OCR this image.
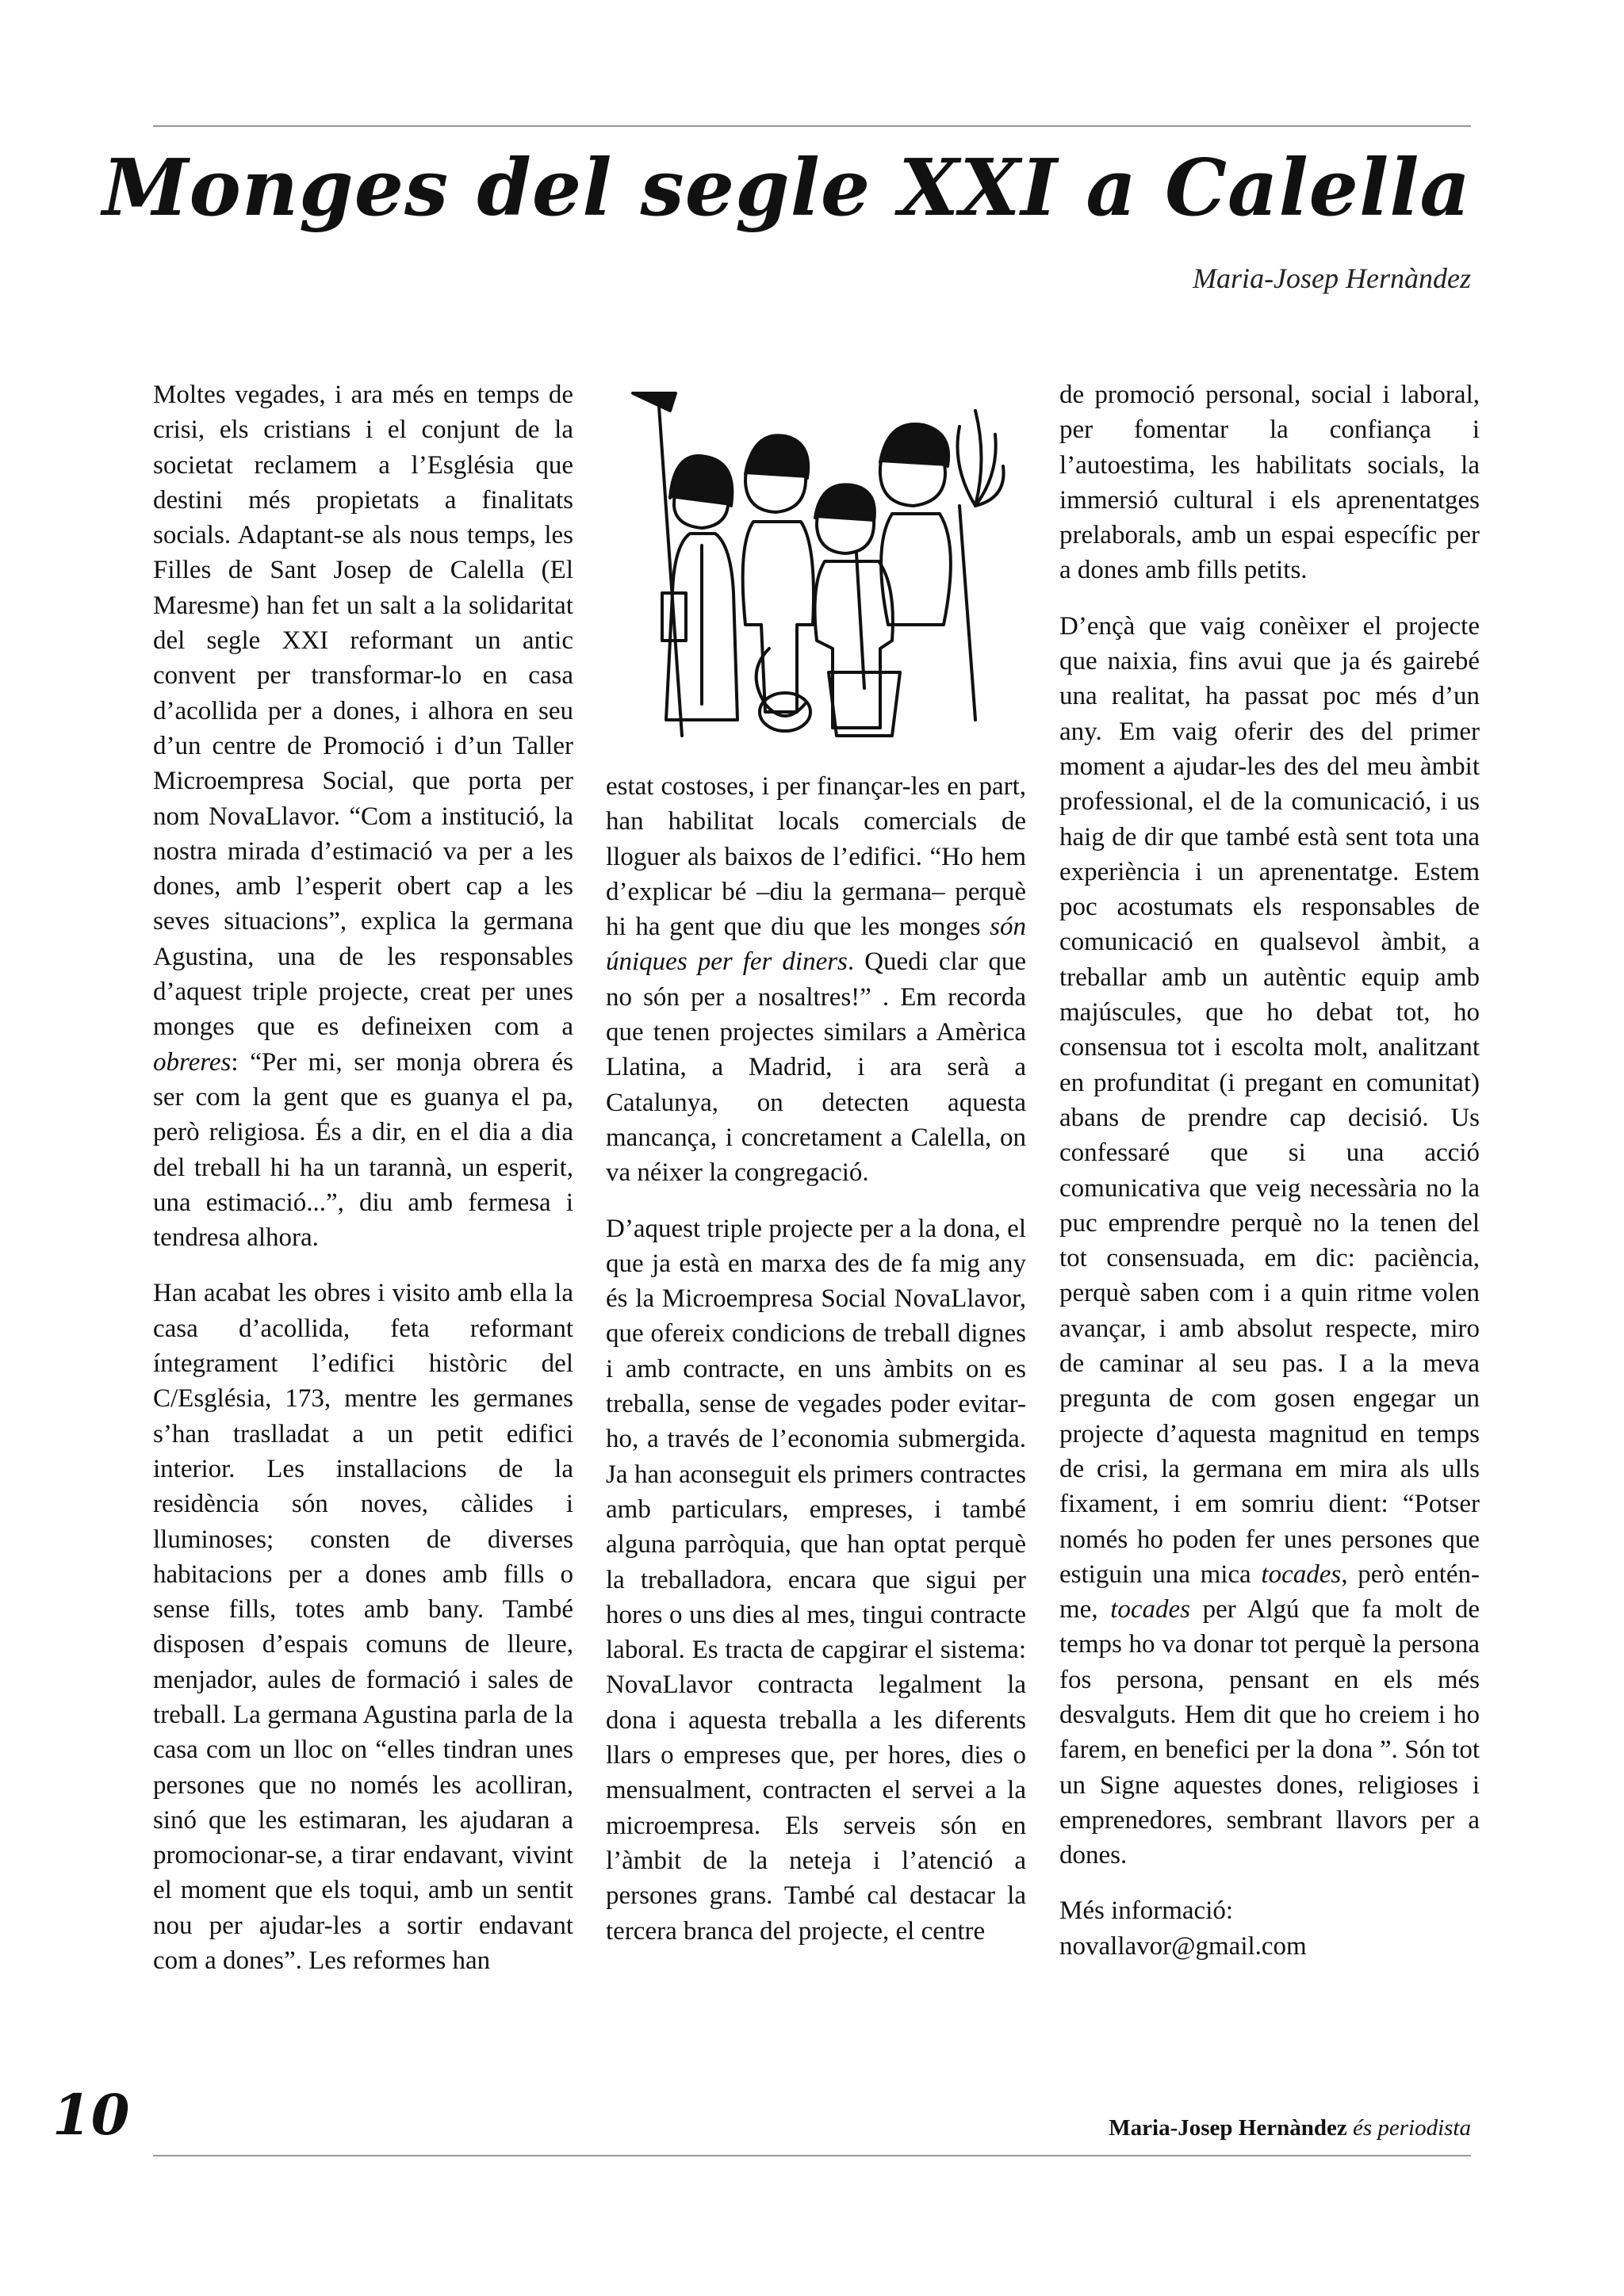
Monges del segle XXI a Calella
Maria-Josep Hernàndez

Moltes vegades, i ara més en temps de crisi, els cristians i el conjunt de la societat reclamem a l’Església que destini més propietats a finalitats socials. Adaptant-se als nous temps, les Filles de Sant Josep de Calella (El Maresme) han fet un salt a la solidaritat del segle XXI reformant un antic convent per transformar-lo en casa d’acollida per a dones, i alhora en seu d’un centre de Promoció i d’un Taller Microempresa Social, que porta per nom NovaLlavor. “Com a institució, la nostra mirada d’estimació va per a les dones, amb l’esperit obert cap a les seves situacions”, explica la germana Agustina, una de les responsables d’aquest triple projecte, creat per unes monges que es defineixen com a obreres: “Per mi, ser monja obrera és ser com la gent que es guanya el pa, però religiosa. És a dir, en el dia a dia del treball hi ha un tarannà, un esperit, una estimació...”, diu amb fermesa i tendresa alhora.

Han acabat les obres i visito amb ella la casa d’acollida, feta reformant íntegrament l’edifici històric del C/Església, 173, mentre les germanes s’han traslladat a un petit edifici interior. Les installacions de la residència són noves, càlides i lluminoses; consten de diverses habitacions per a dones amb fills o sense fills, totes amb bany. També disposen d’espais comuns de lleure, menjador, aules de formació i sales de treball. La germana Agustina parla de la casa com un lloc on “elles tindran unes persones que no només les acolliran, sinó que les estimaran, les ajudaran a promocionar-se, a tirar endavant, vivint el moment que els toqui, amb un sentit nou per ajudar-les a sortir endavant com a dones”. Les reformes han

estat costoses, i per finançar-les en part, han habilitat locals comercials de lloguer als baixos de l’edifici. “Ho hem d’explicar bé –diu la germana– perquè hi ha gent que diu que les monges són úniques per fer diners. Quedi clar que no són per a nosaltres!” . Em recorda que tenen projectes similars a Amèrica Llatina, a Madrid, i ara serà a Catalunya, on detecten aquesta mancança, i concretament a Calella, on va néixer la congregació.

D’aquest triple projecte per a la dona, el que ja està en marxa des de fa mig any és la Microempresa Social NovaLlavor, que ofereix condicions de treball dignes i amb contracte, en uns àmbits on es treballa, sense de vegades poder evitar-ho, a través de l’economia submergida. Ja han aconseguit els primers contractes amb particulars, empreses, i també alguna parròquia, que han optat perquè la treballadora, encara que sigui per hores o uns dies al mes, tingui contracte laboral. Es tracta de capgirar el sistema: NovaLlavor contracta legalment la dona i aquesta treballa a les diferents llars o empreses que, per hores, dies o mensualment, contracten el servei a la microempresa. Els serveis són en l’àmbit de la neteja i l’atenció a persones grans. També cal destacar la tercera branca del projecte, el centre

de promoció personal, social i laboral, per fomentar la confiança i l’autoestima, les habilitats socials, la immersió cultural i els aprenentatges prelaborals, amb un espai específic per a dones amb fills petits.

D’ençà que vaig conèixer el projecte que naixia, fins avui que ja és gairebé una realitat, ha passat poc més d’un any. Em vaig oferir des del primer moment a ajudar-les des del meu àmbit professional, el de la comunicació, i us haig de dir que també està sent tota una experiència i un aprenentatge. Estem poc acostumats els responsables de comunicació en qualsevol àmbit, a treballar amb un autèntic equip amb majúscules, que ho debat tot, ho consensua tot i escolta molt, analitzant en profunditat (i pregant en comunitat) abans de prendre cap decisió. Us confessaré que si una acció comunicativa que veig necessària no la puc emprendre perquè no la tenen del tot consensuada, em dic: paciència, perquè saben com i a quin ritme volen avançar, i amb absolut respecte, miro de caminar al seu pas. I a la meva pregunta de com gosen engegar un projecte d’aquesta magnitud en temps de crisi, la germana em mira als ulls fixament, i em somriu dient: “Potser només ho poden fer unes persones que estiguin una mica tocades, però entén-me, tocades per Algú que fa molt de temps ho va donar tot perquè la persona fos persona, pensant en els més desvalguts. Hem dit que ho creiem i ho farem, en benefici per la dona ”. Són tot un Signe aquestes dones, religioses i emprenedores, sembrant llavors per a dones.

Més informació:

novallavor@gmail.com

Maria-Josep Hernàndez és periodista
10
